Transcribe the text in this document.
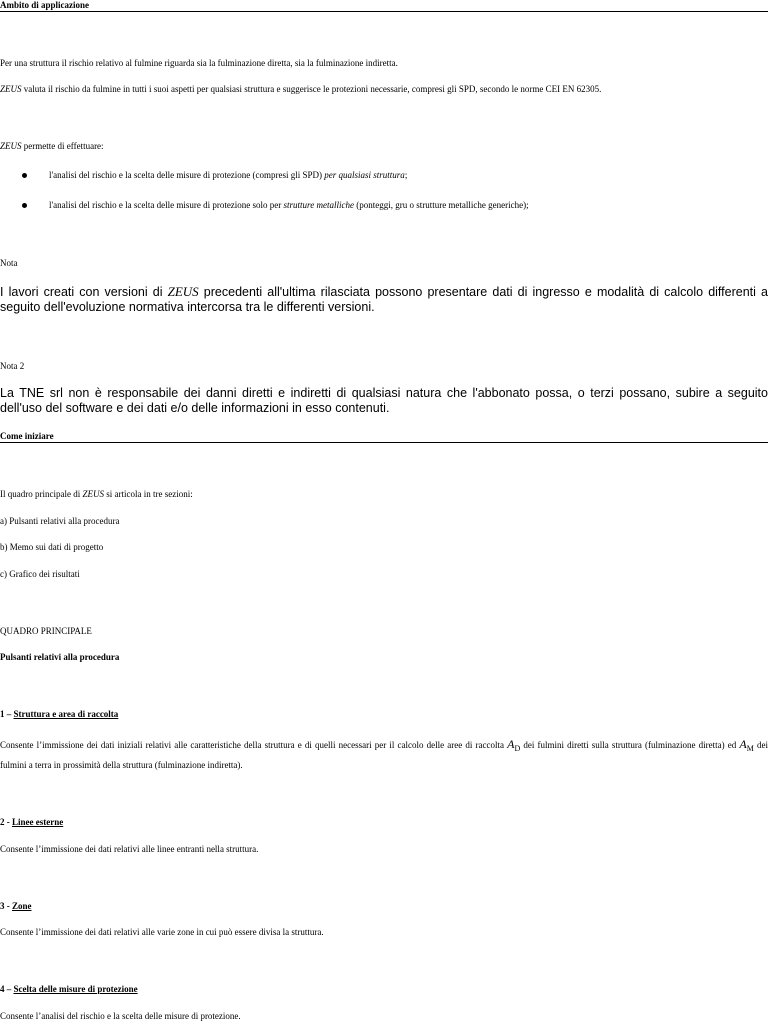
Ambito di applicazione

Per una struttura il rischio relativo al fulmine riguarda sia la fulminazione diretta, sia la fulminazione indiretta.

ZEUS valuta il rischio da fulmine in tutti i suoi aspetti per qualsiasi struttura e suggerisce le protezioni necessarie, compresi gli SPD, secondo le norme CEI EN 62305.

ZEUS permette di effettuare:

l'analisi del rischio e la scelta delle misure di protezione (compresi gli SPD) per qualsiasi struttura;

l'analisi del rischio e la scelta delle misure di protezione solo per strutture metalliche (ponteggi, gru o strutture metalliche generiche);

Nota

I lavori creati con versioni di ZEUS precedenti all'ultima rilasciata possono presentare dati di ingresso e modalità di calcolo differenti a seguito dell'evoluzione normativa intercorsa tra le differenti versioni.

Nota 2

La TNE srl non è responsabile dei danni diretti e indiretti di qualsiasi natura che l'abbonato possa, o terzi possano, subire a seguito dell'uso del software e dei dati e/o delle informazioni in esso contenuti.

Come iniziare

Il quadro principale di ZEUS si articola in tre sezioni:

a) Pulsanti relativi alla procedura

b) Memo sui dati di progetto

c) Grafico dei risultati

QUADRO PRINCIPALE

Pulsanti relativi alla procedura

1 – Struttura e area di raccolta

Consente l’immissione dei dati iniziali relativi alle caratteristiche della struttura e di quelli necessari per il calcolo delle aree di raccolta AD dei fulmini diretti sulla struttura (fulminazione diretta) ed AM dei fulmini a terra in prossimità della struttura (fulminazione indiretta).

2 - Linee esterne

Consente l’immissione dei dati relativi alle linee entranti nella struttura.

3 - Zone

Consente l’immissione dei dati relativi alle varie zone in cui può essere divisa la struttura.

4 – Scelta delle misure di protezione

Consente l’analisi del rischio e la scelta delle misure di protezione.
